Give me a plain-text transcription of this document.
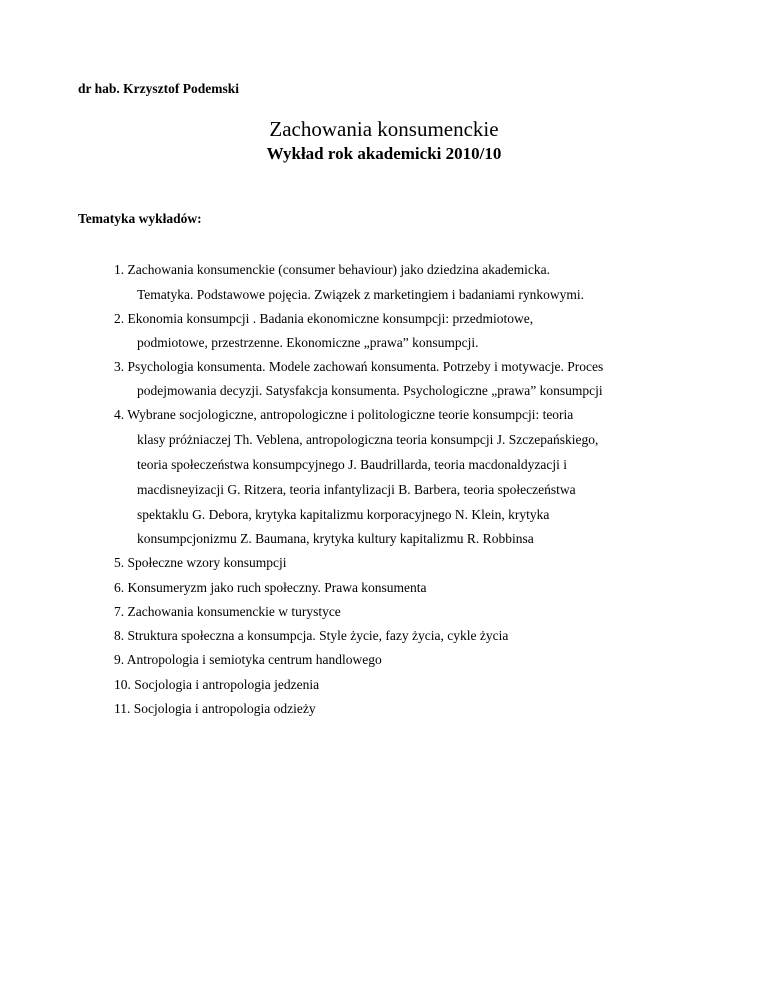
dr hab. Krzysztof Podemski
Zachowania konsumenckie
Wykład rok akademicki 2010/10
Tematyka wykładów:
1. Zachowania konsumenckie (consumer behaviour) jako dziedzina akademicka.
Tematyka. Podstawowe pojęcia. Związek z marketingiem i badaniami rynkowymi.
2. Ekonomia konsumpcji . Badania ekonomiczne konsumpcji: przedmiotowe,
podmiotowe, przestrzenne. Ekonomiczne „prawa” konsumpcji.
3. Psychologia konsumenta. Modele zachowań konsumenta. Potrzeby i motywacje. Proces
podejmowania decyzji. Satysfakcja konsumenta. Psychologiczne „prawa” konsumpcji
4. Wybrane socjologiczne, antropologiczne i politologiczne teorie konsumpcji: teoria
klasy próżniaczej Th. Veblena, antropologiczna teoria konsumpcji J. Szczepańskiego,
teoria społeczeństwa konsumpcyjnego J. Baudrillarda, teoria macdonaldyzacji i
macdisneyizacji G. Ritzera, teoria infantylizacji B. Barbera, teoria społeczeństwa
spektaklu G. Debora, krytyka kapitalizmu korporacyjnego N. Klein, krytyka
konsumpcjonizmu Z. Baumana, krytyka kultury kapitalizmu R. Robbinsa
5. Społeczne wzory konsumpcji
6. Konsumeryzm jako ruch społeczny. Prawa konsumenta
7. Zachowania konsumenckie w turystyce
8. Struktura społeczna a konsumpcja. Style życie, fazy życia, cykle życia
9. Antropologia i semiotyka centrum handlowego
10. Socjologia i antropologia jedzenia
11. Socjologia i antropologia odzieży
